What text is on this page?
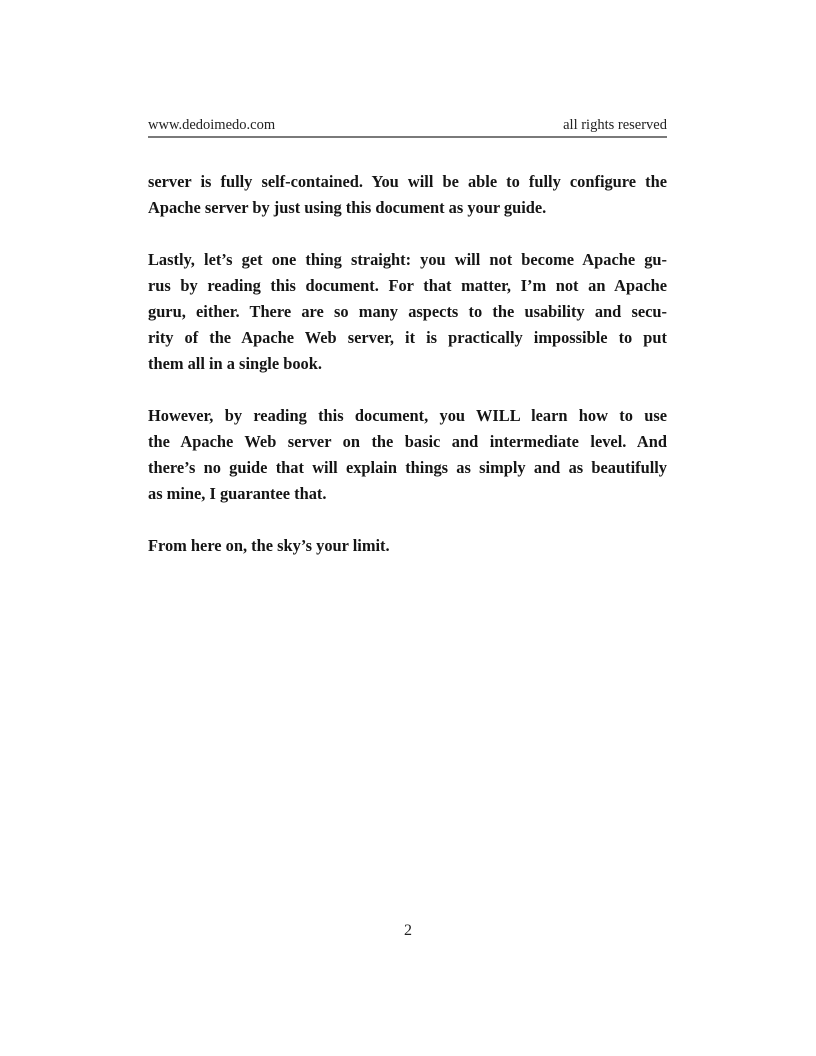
www.dedoimedo.com	all rights reserved

server is fully self-contained. You will be able to fully configure the
Apache server by just using this document as your guide.

Lastly, let’s get one thing straight: you will not become Apache gu-
rus by reading this document. For that matter, I’m not an Apache
guru, either. There are so many aspects to the usability and secu-
rity of the Apache Web server, it is practically impossible to put
them all in a single book.

However, by reading this document, you WILL learn how to use
the Apache Web server on the basic and intermediate level. And
there’s no guide that will explain things as simply and as beautifully
as mine, I guarantee that.

From here on, the sky’s your limit.

2
